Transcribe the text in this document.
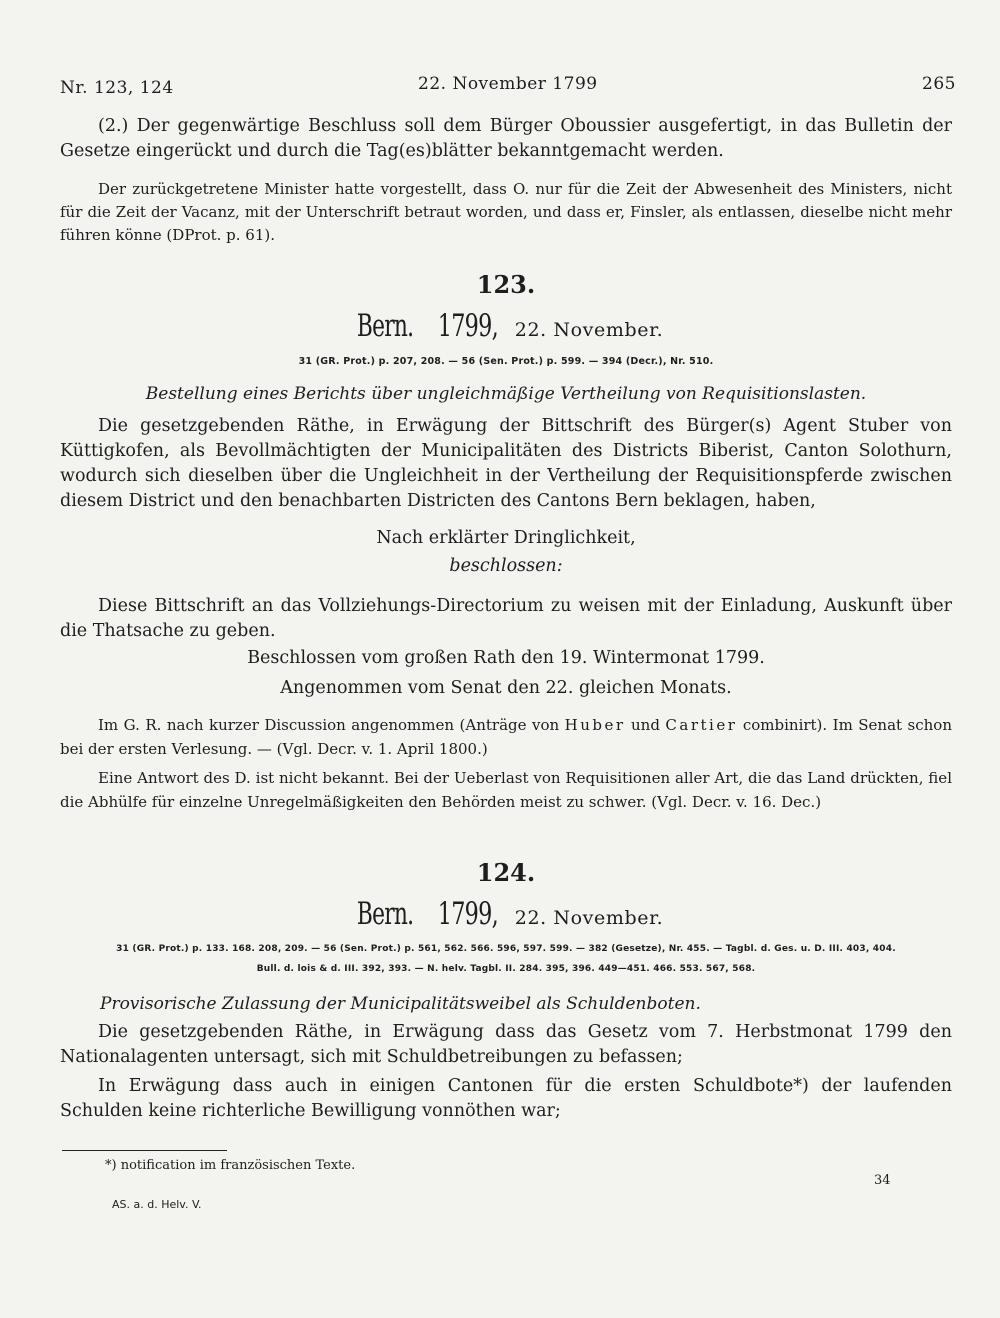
Nr. 123, 124	22. November 1799	265

(2.) Der gegenwärtige Beschluss soll dem Bürger Oboussier ausgefertigt, in das Bulletin der Gesetze eingerückt und durch die Tag(es)blätter bekanntgemacht werden.

Der zurückgetretene Minister hatte vorgestellt, dass O. nur für die Zeit der Abwesenheit des Ministers, nicht für die Zeit der Vacanz, mit der Unterschrift betraut worden, und dass er, Finsler, als entlassen, dieselbe nicht mehr führen könne (DProt. p. 61).

123.
Bern. 1799, 22. November.
31 (GR. Prot.) p. 207, 208. — 56 (Sen. Prot.) p. 599. — 394 (Decr.), Nr. 510.
Bestellung eines Berichts über ungleichmäßige Vertheilung von Requisitionslasten.

Die gesetzgebenden Räthe, in Erwägung der Bittschrift des Bürger(s) Agent Stuber von Küttigkofen, als Bevollmächtigten der Municipalitäten des Districts Biberist, Canton Solothurn, wodurch sich dieselben über die Ungleichheit in der Vertheilung der Requisitionspferde zwischen diesem District und den benachbarten Districten des Cantons Bern beklagen, haben,

Nach erklärter Dringlichkeit,
beschlossen:

Diese Bittschrift an das Vollziehungs-Directorium zu weisen mit der Einladung, Auskunft über die Thatsache zu geben.

Beschlossen vom großen Rath den 19. Wintermonat 1799.
Angenommen vom Senat den 22. gleichen Monats.

Im G. R. nach kurzer Discussion angenommen (Anträge von Huber und Cartier combinirt). Im Senat schon bei der ersten Verlesung. — (Vgl. Decr. v. 1. April 1800.)

Eine Antwort des D. ist nicht bekannt. Bei der Ueberlast von Requisitionen aller Art, die das Land drückten, fiel die Abhülfe für einzelne Unregelmäßigkeiten den Behörden meist zu schwer. (Vgl. Decr. v. 16. Dec.)

124.
Bern. 1799, 22. November.
31 (GR. Prot.) p. 133. 168. 208, 209. — 56 (Sen. Prot.) p. 561, 562. 566. 596, 597. 599. — 382 (Gesetze), Nr. 455. — Tagbl. d. Ges. u. D. III. 403, 404.
Bull. d. lois & d. III. 392, 393. — N. helv. Tagbl. II. 284. 395, 396. 449—451. 466. 553. 567, 568.
Provisorische Zulassung der Municipalitätsweibel als Schuldenboten.

Die gesetzgebenden Räthe, in Erwägung dass das Gesetz vom 7. Herbstmonat 1799 den Nationalagenten untersagt, sich mit Schuldbetreibungen zu befassen;

In Erwägung dass auch in einigen Cantonen für die ersten Schuldbote*) der laufenden Schulden keine richterliche Bewilligung vonnöthen war;

*) notification im französischen Texte.
AS. a. d. Helv. V.
34
